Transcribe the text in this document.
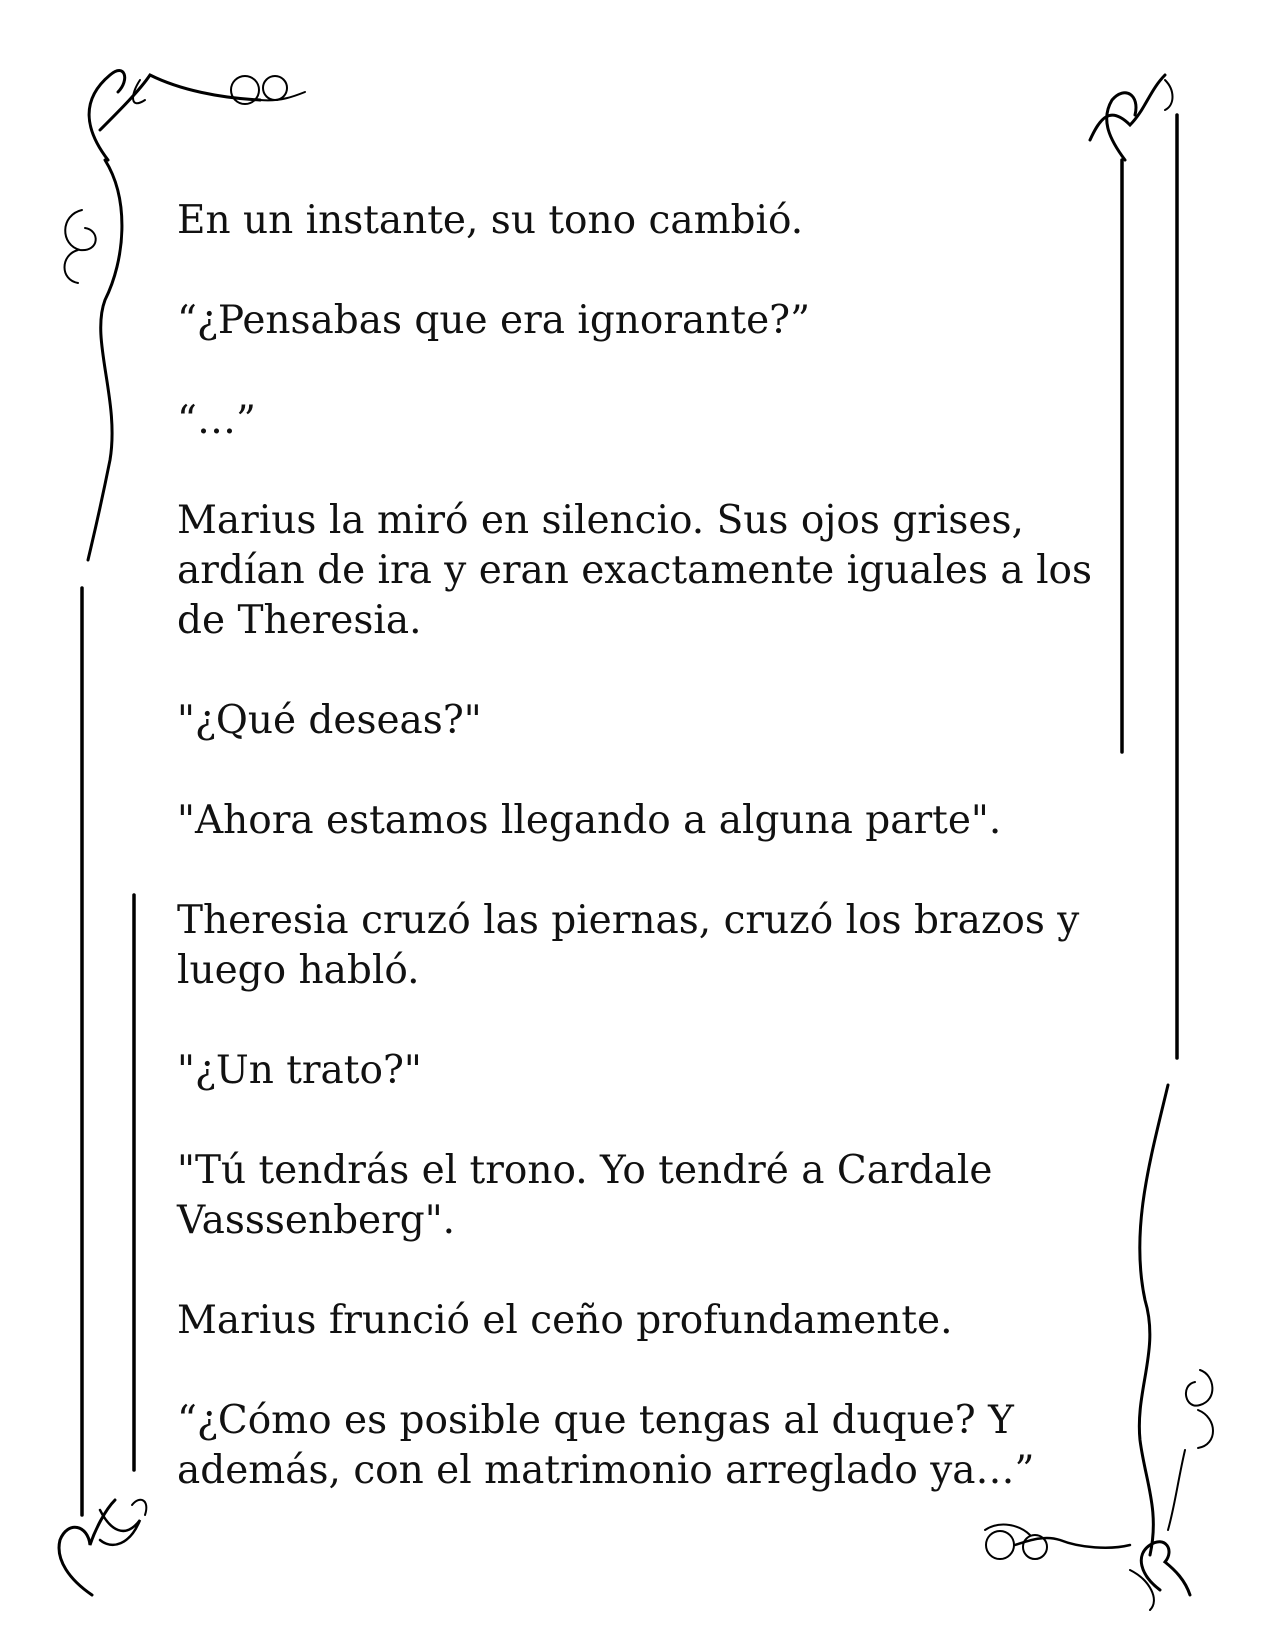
En un instante, su tono cambió.

“¿Pensabas que era ignorante?”

“…”

Marius la miró en silencio. Sus ojos grises, ardían de ira y eran exactamente iguales a los de Theresia.

"¿Qué deseas?"

"Ahora estamos llegando a alguna parte".

Theresia cruzó las piernas, cruzó los brazos y luego habló.

"¿Un trato?"

"Tú tendrás el trono. Yo tendré a Cardale Vasssenberg".

Marius frunció el ceño profundamente.

“¿Cómo es posible que tengas al duque? Y además, con el matrimonio arreglado ya…”
